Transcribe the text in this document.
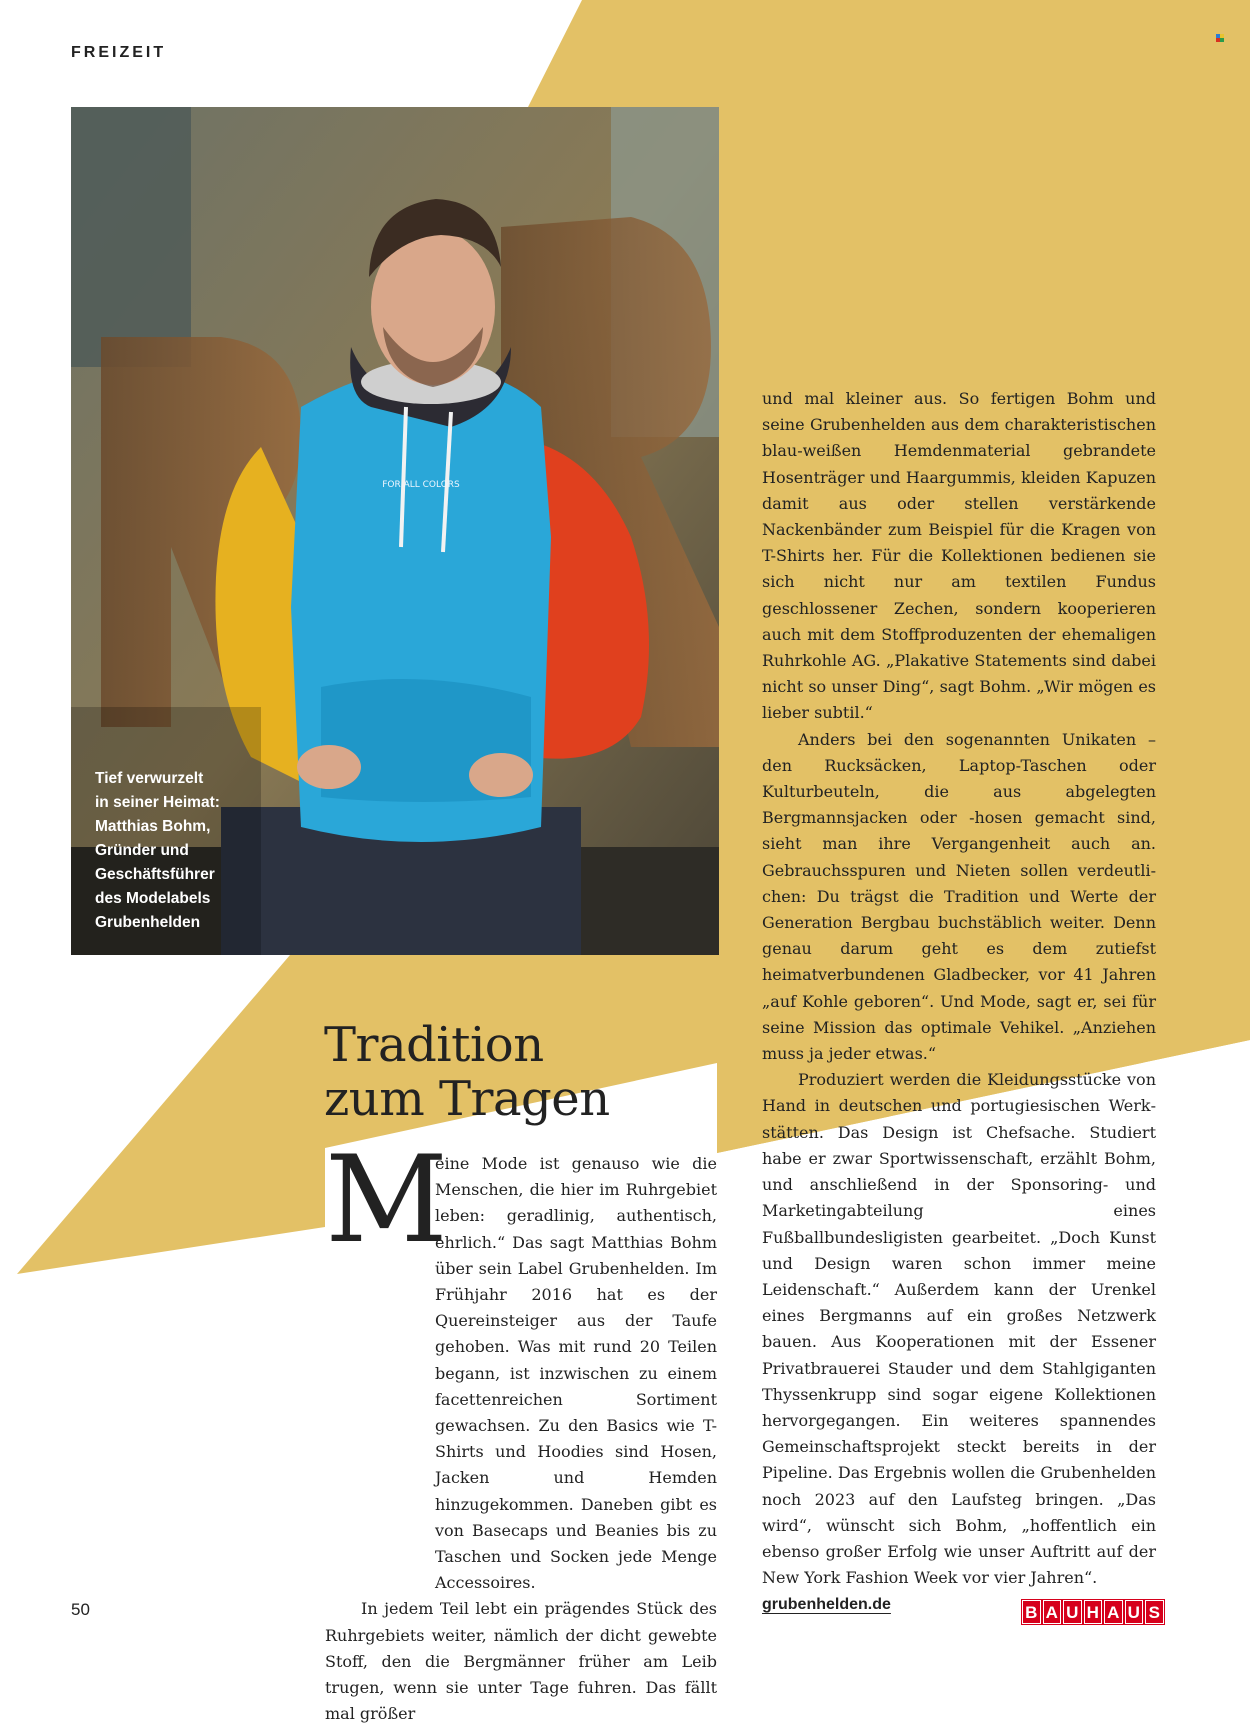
FREIZEIT
FOR ALL COLORS
Tief verwurzelt
in seiner Heimat:
Matthias Bohm,
Gründer und
Geschäftsführer
des Modelabels
Grubenhelden
Tradition
zum Tragen

M
eine Mode ist genauso wie die Menschen, die hier im Ruhrgebiet leben: geradlinig, authentisch, ehrlich.“ Das sagt Matthias Bohm über sein Label Grubenhelden. Im Frühjahr 2016 hat es der Quereinsteiger aus der Taufe gehoben. Was mit rund 20 Teilen begann, ist inzwischen zu einem facettenreichen Sortiment gewachsen. Zu den Basics wie T-Shirts und Hoodies sind Hosen, Jacken und Hemden hinzugekommen. Daneben gibt es von Basecaps und Beanies bis zu Taschen und Socken jede Menge Accessoires.

In jedem Teil lebt ein prägendes Stück des Ruhrgebiets weiter, nämlich der dicht gewebte Stoff, den die Bergmänner früher am Leib trugen, wenn sie unter Tage fuhren. Das fällt mal größer

und mal kleiner aus. So fertigen Bohm und seine Grubenhelden aus dem charakteristischen blau-weißen Hemdenmaterial gebrandete Hosenträger und Haargummis, kleiden Kapuzen damit aus oder stellen verstärkende Nackenbänder zum Beispiel für die Kragen von T-Shirts her. Für die Kollektionen bedienen sie sich nicht nur am textilen Fundus geschlossener Zechen, sondern kooperieren auch mit dem Stoffproduzenten der ehemaligen Ruhrkohle AG. „Plakative Statements sind dabei nicht so unser Ding“, sagt Bohm. „Wir mögen es lieber subtil.“

Anders bei den sogenannten Unikaten – den Rucksäcken, Laptop-Taschen oder Kulturbeuteln, die aus abgelegten Bergmannsjacken oder -hosen gemacht sind, sieht man ihre Vergangenheit auch an. Gebrauchsspuren und Nieten sollen verdeutlichen: Du trägst die Tradition und Werte der Generation Bergbau buchstäblich weiter. Denn genau darum geht es dem zutiefst heimatverbundenen Gladbecker, vor 41 Jahren „auf Kohle geboren“. Und Mode, sagt er, sei für seine Mission das optimale Vehikel. „Anziehen muss ja jeder etwas.“

Produziert werden die Kleidungsstücke von Hand in deutschen und portugiesischen Werkstätten. Das Design ist Chefsache. Studiert habe er zwar Sportwissenschaft, erzählt Bohm, und anschließend in der Sponsoring- und Marketingabteilung eines Fußballbundesligisten gearbeitet. „Doch Kunst und Design waren schon immer meine Leidenschaft.“ Außerdem kann der Urenkel eines Bergmanns auf ein großes Netzwerk bauen. Aus Kooperationen mit der Essener Privatbrauerei Stauder und dem Stahlgiganten Thyssenkrupp sind sogar eigene Kollektionen hervorgegangen. Ein weiteres spannendes Gemeinschaftsprojekt steckt bereits in der Pipeline. Das Ergebnis wollen die Grubenhelden noch 2023 auf den Laufsteg bringen. „Das wird“, wünscht sich Bohm, „hoffentlich ein ebenso großer Erfolg wie unser Auftritt auf der New York Fashion Week vor vier Jahren“.

grubenhelden.de

50	B A U H A U S
